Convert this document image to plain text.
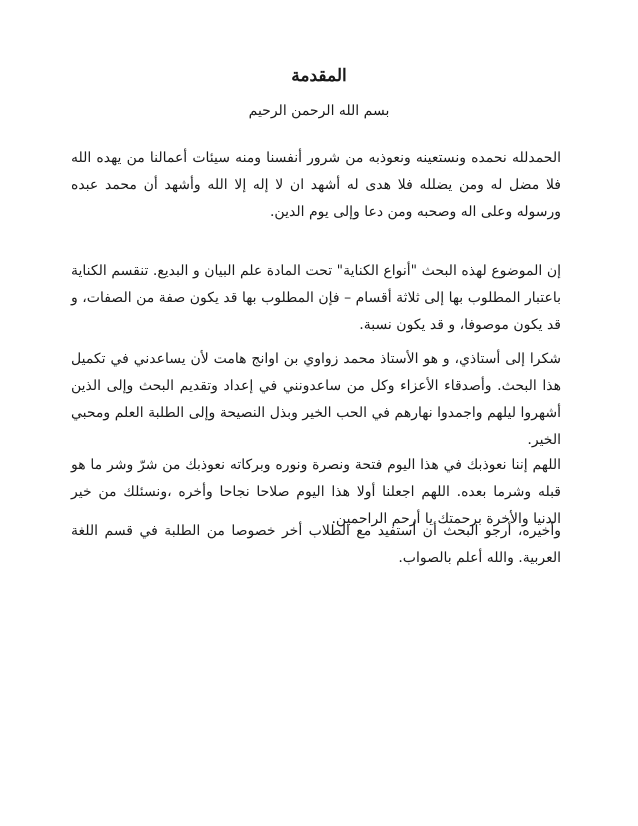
المقدمة

بسم الله الرحمن الرحيم

الحمدلله نحمده ونستعينه ونعوذبه من شرور أنفسنا ومنه سيئات أعمالنا من يهده الله فلا مضل له ومن يضلله فلا هدى له أشهد ان لا إله إلا الله وأشهد أن محمد عبده ورسوله وعلى اله وصحبه ومن دعا وإلى يوم الدين.

إن الموضوع لهذه البحث "أنواع الكناية" تحت المادة علم البيان و البديع. تنقسم الكناية باعتبار المطلوب بها إلى ثلاثة أقسام – فإن المطلوب بها قد يكون صفة من الصفات، و قد يكون موصوفا، و قد يكون نسبة.

شكرا إلى أستاذي، و هو الأستاذ محمد زواوي بن اوانج هامت لأن يساعدني في تكميل هذا البحث. وأصدقاء الأعزاء وكل من ساعدونني في إعداد وتقديم البحث وإلى الذين أشهروا ليلهم واجمدوا نهارهم في الحب الخير وبذل النصيحة وإلى الطلبة العلم ومحبي الخير.

اللهم إننا نعوذبك في هذا اليوم فتحة ونصرة ونوره وبركاته نعوذبك من شرّ وشر ما هو قبله وشرما بعده. اللهم اجعلنا أولا هذا اليوم صلاحا نجاحا وأخره ،ونسئلك من خير الدنيا والأخرة برحمتك يا أرحم الراحمين.

وأخيره، أرجو البحث أن أستفيد مع الطلاب أخر خصوصا من الطلبة في قسم اللغة العربية. والله أعلم بالصواب.
